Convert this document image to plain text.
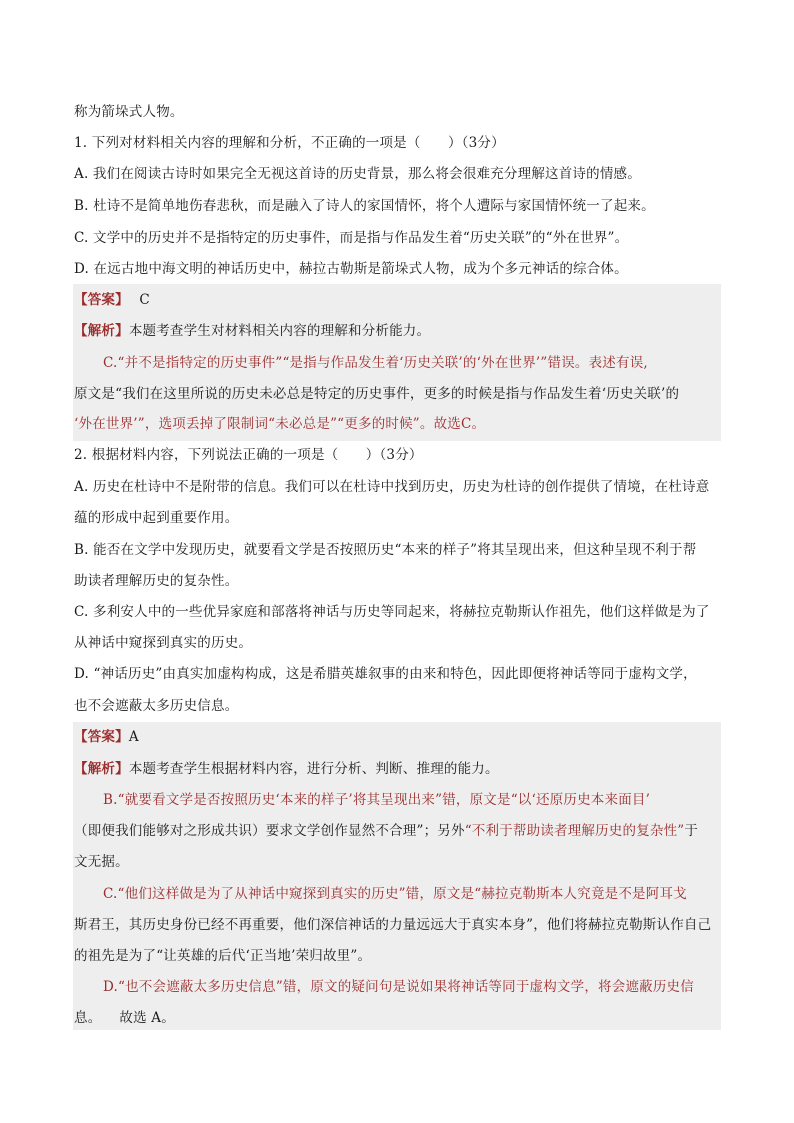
称为箭垛式人物。
1. 下列对材料相关内容的理解和分析，不正确的一项是（　　）（3分）
A. 我们在阅读古诗时如果完全无视这首诗的历史背景，那么将会很难充分理解这首诗的情感。
B. 杜诗不是简单地伤春悲秋，而是融入了诗人的家国情怀，将个人遭际与家国情怀统一了起来。
C. 文学中的历史并不是指特定的历史事件，而是指与作品发生着“历史关联”的“外在世界”。
D. 在远古地中海文明的神话历史中，赫拉古勒斯是箭垛式人物，成为个多元神话的综合体。
【答案】 C
【解析】本题考查学生对材料相关内容的理解和分析能力。
C.“并不是指特定的历史事件”“是指与作品发生着‘历史关联’的‘外在世界’”错误。表述有误,
原文是“我们在这里所说的历史未必总是特定的历史事件，更多的时候是指与作品发生着‘历史关联’的
‘外在世界’”，选项丢掉了限制词“未必总是”“更多的时候”。故选C。
2. 根据材料内容，下列说法正确的一项是（　　）（3分）
A. 历史在杜诗中不是附带的信息。我们可以在杜诗中找到历史，历史为杜诗的创作提供了情境，在杜诗意
蕴的形成中起到重要作用。
B. 能否在文学中发现历史，就要看文学是否按照历史“本来的样子”将其呈现出来，但这种呈现不利于帮
助读者理解历史的复杂性。
C. 多利安人中的一些优异家庭和部落将神话与历史等同起来，将赫拉克勒斯认作祖先，他们这样做是为了
从神话中窥探到真实的历史。
D. “神话历史”由真实加虚构构成，这是希腊英雄叙事的由来和特色，因此即便将神话等同于虚构文学，
也不会遮蔽太多历史信息。
【答案】A
【解析】本题考查学生根据材料内容，进行分析、判断、推理的能力。
B.“就要看文学是否按照历史‘本来的样子’将其呈现出来”错，原文是“以‘还原历史本来面目’
（即便我们能够对之形成共识）要求文学创作显然不合理”；另外“不利于帮助读者理解历史的复杂性”于
文无据。
C.“他们这样做是为了从神话中窥探到真实的历史”错，原文是“赫拉克勒斯本人究竟是不是阿耳戈
斯君王，其历史身份已经不再重要，他们深信神话的力量远远大于真实本身”，他们将赫拉克勒斯认作自己
的祖先是为了“让英雄的后代‘正当地’荣归故里”。
D.“也不会遮蔽太多历史信息”错，原文的疑问句是说如果将神话等同于虚构文学，将会遮蔽历史信
息。 故选 A。
